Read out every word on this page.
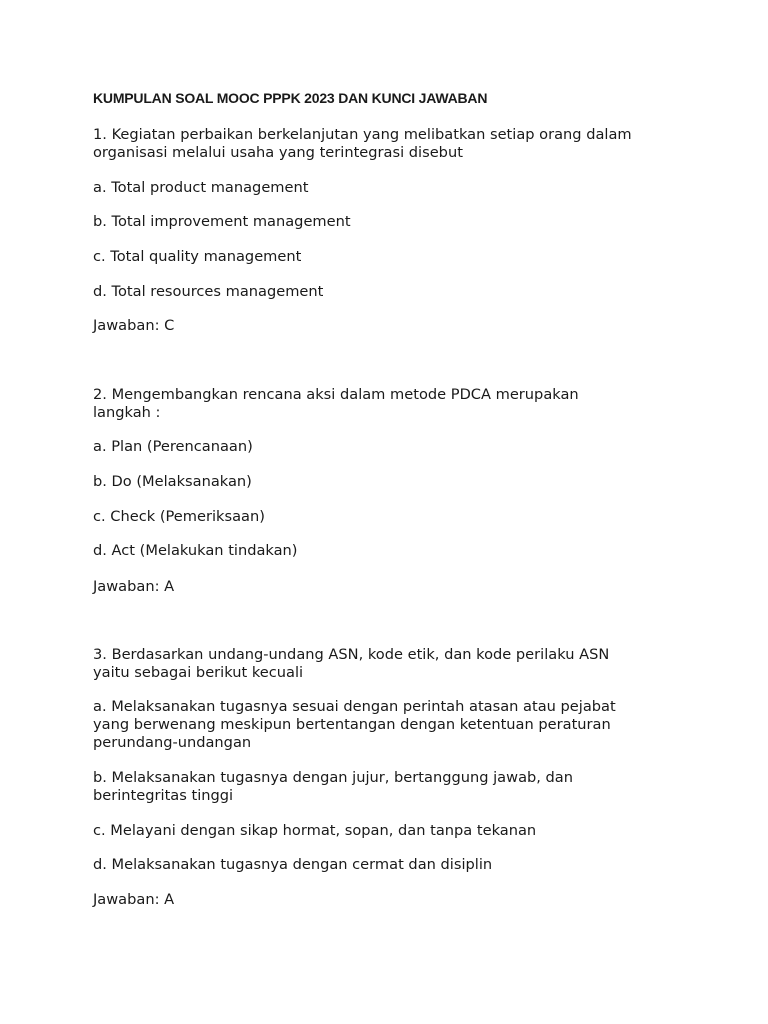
KUMPULAN SOAL MOOC PPPK 2023 DAN KUNCI JAWABAN
1. Kegiatan perbaikan berkelanjutan yang melibatkan setiap orang dalam
organisasi melalui usaha yang terintegrasi disebut
a. Total product management
b. Total improvement management
c. Total quality management
d. Total resources management
Jawaban: C
2. Mengembangkan rencana aksi dalam metode PDCA merupakan
langkah :
a. Plan (Perencanaan)
b. Do (Melaksanakan)
c. Check (Pemeriksaan)
d. Act (Melakukan tindakan)
Jawaban: A
3. Berdasarkan undang-undang ASN, kode etik, dan kode perilaku ASN
yaitu sebagai berikut kecuali
a. Melaksanakan tugasnya sesuai dengan perintah atasan atau pejabat
yang berwenang meskipun bertentangan dengan ketentuan peraturan
perundang-undangan
b. Melaksanakan tugasnya dengan jujur, bertanggung jawab, dan
berintegritas tinggi
c. Melayani dengan sikap hormat, sopan, dan tanpa tekanan
d. Melaksanakan tugasnya dengan cermat dan disiplin
Jawaban: A
